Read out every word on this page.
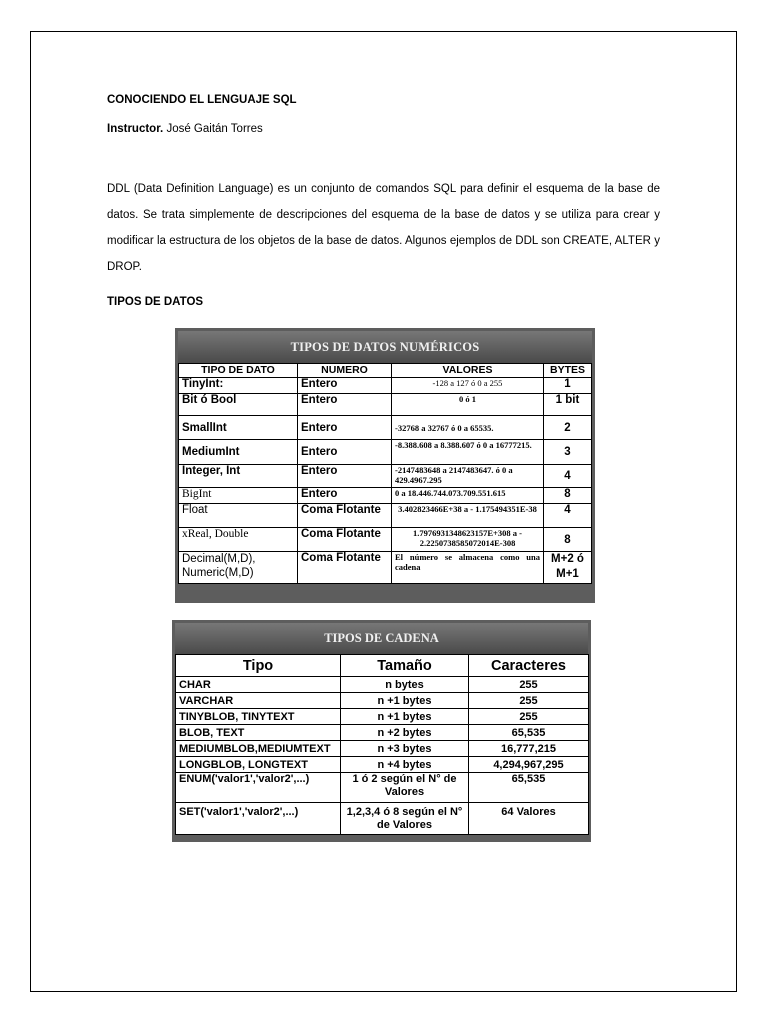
CONOCIENDO EL LENGUAJE SQL
Instructor. José Gaitán Torres

DDL (Data Definition Language) es un conjunto de comandos SQL para definir el esquema de la base de datos. Se trata simplemente de descripciones del esquema de la base de datos y se utiliza para crear y modificar la estructura de los objetos de la base de datos. Algunos ejemplos de DDL son CREATE, ALTER y DROP.

TIPOS DE DATOS
TIPOS DE DATOS NUMÉRICOS
TIPO DE DATO	NUMERO	VALORES	BYTES
TinyInt:	Entero	-128 a 127 ó 0 a 255	1
Bit ó Bool	Entero	0 ó 1	1 bit
SmallInt	Entero	-32768 a 32767 ó 0 a 65535.	2
MediumInt	Entero	-8.388.608 a 8.388.607 ó 0 a 16777215.	3
Integer, Int	Entero	-2147483648 a 2147483647. ó 0 a 429.4967.295	4
BigInt	Entero	0 a 18.446.744.073.709.551.615	8
Float	Coma Flotante	3.402823466E+38 a - 1.175494351E-38	4
xReal, Double	Coma Flotante	1.7976931348623157E+308 a - 2.2250738585072014E-308	8
Decimal(M,D), Numeric(M,D)	Coma Flotante	El número se almacena como una cadena	M+2 ó M+1
TIPOS DE CADENA
Tipo	Tamaño	Caracteres
CHAR	n bytes	255
VARCHAR	n +1 bytes	255
TINYBLOB, TINYTEXT	n +1 bytes	255
BLOB, TEXT	n +2 bytes	65,535
MEDIUMBLOB,MEDIUMTEXT	n +3 bytes	16,777,215
LONGBLOB, LONGTEXT	n +4 bytes	4,294,967,295
ENUM('valor1','valor2',...)	1 ó 2 según el N° de Valores	65,535
SET('valor1','valor2',...)	1,2,3,4 ó 8 según el N° de Valores	64 Valores
